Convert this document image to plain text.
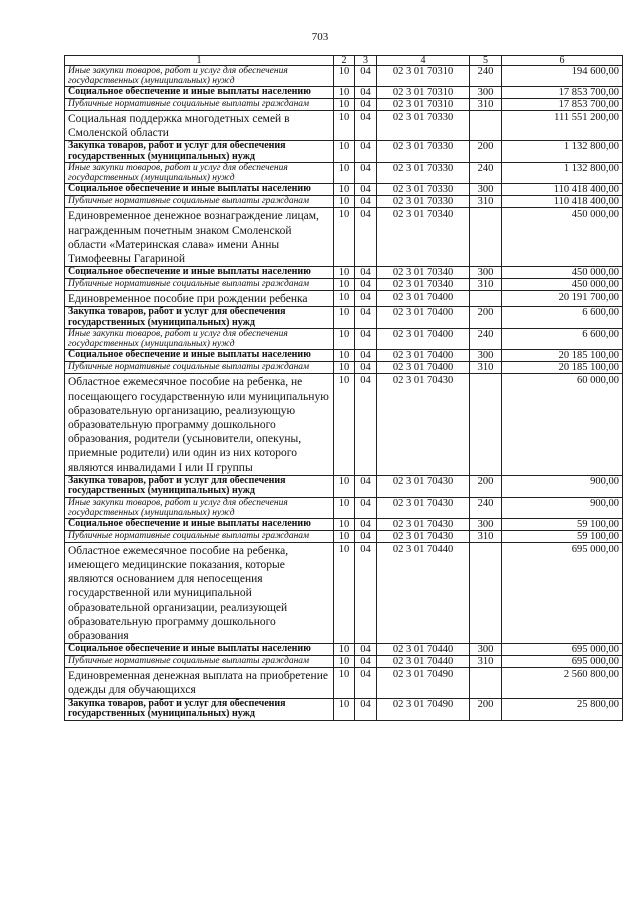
703
1	2	3	4	5	6
Иные закупки товаров, работ и услуг для обеспечения государственных (муниципальных) нужд	10	04	02 3 01 70310	240	194 600,00
Социальное обеспечение и иные выплаты населению	10	04	02 3 01 70310	300	17 853 700,00
Публичные нормативные социальные выплаты гражданам	10	04	02 3 01 70310	310	17 853 700,00
Социальная поддержка многодетных семей в Смоленской области	10	04	02 3 01 70330		111 551 200,00
Закупка товаров, работ и услуг для обеспечения государственных (муниципальных) нужд	10	04	02 3 01 70330	200	1 132 800,00
Иные закупки товаров, работ и услуг для обеспечения государственных (муниципальных) нужд	10	04	02 3 01 70330	240	1 132 800,00
Социальное обеспечение и иные выплаты населению	10	04	02 3 01 70330	300	110 418 400,00
Публичные нормативные социальные выплаты гражданам	10	04	02 3 01 70330	310	110 418 400,00
Единовременное денежное вознаграждение лицам, награжденным почетным знаком Смоленской области «Материнская слава» имени Анны Тимофеевны Гагариной	10	04	02 3 01 70340		450 000,00
Социальное обеспечение и иные выплаты населению	10	04	02 3 01 70340	300	450 000,00
Публичные нормативные социальные выплаты гражданам	10	04	02 3 01 70340	310	450 000,00
Единовременное пособие при рождении ребенка	10	04	02 3 01 70400		20 191 700,00
Закупка товаров, работ и услуг для обеспечения государственных (муниципальных) нужд	10	04	02 3 01 70400	200	6 600,00
Иные закупки товаров, работ и услуг для обеспечения государственных (муниципальных) нужд	10	04	02 3 01 70400	240	6 600,00
Социальное обеспечение и иные выплаты населению	10	04	02 3 01 70400	300	20 185 100,00
Публичные нормативные социальные выплаты гражданам	10	04	02 3 01 70400	310	20 185 100,00
Областное ежемесячное пособие на ребенка, не посещающего государственную или муниципальную образовательную организацию, реализующую образовательную программу дошкольного образования, родители (усыновители, опекуны, приемные родители) или один из них которого являются инвалидами I или II группы	10	04	02 3 01 70430		60 000,00
Закупка товаров, работ и услуг для обеспечения государственных (муниципальных) нужд	10	04	02 3 01 70430	200	900,00
Иные закупки товаров, работ и услуг для обеспечения государственных (муниципальных) нужд	10	04	02 3 01 70430	240	900,00
Социальное обеспечение и иные выплаты населению	10	04	02 3 01 70430	300	59 100,00
Публичные нормативные социальные выплаты гражданам	10	04	02 3 01 70430	310	59 100,00
Областное ежемесячное пособие на ребенка, имеющего медицинские показания, которые являются основанием для непосещения государственной или муниципальной образовательной организации, реализующей образовательную программу дошкольного образования	10	04	02 3 01 70440		695 000,00
Социальное обеспечение и иные выплаты населению	10	04	02 3 01 70440	300	695 000,00
Публичные нормативные социальные выплаты гражданам	10	04	02 3 01 70440	310	695 000,00
Единовременная денежная выплата на приобретение одежды для обучающихся	10	04	02 3 01 70490		2 560 800,00
Закупка товаров, работ и услуг для обеспечения государственных (муниципальных) нужд	10	04	02 3 01 70490	200	25 800,00
